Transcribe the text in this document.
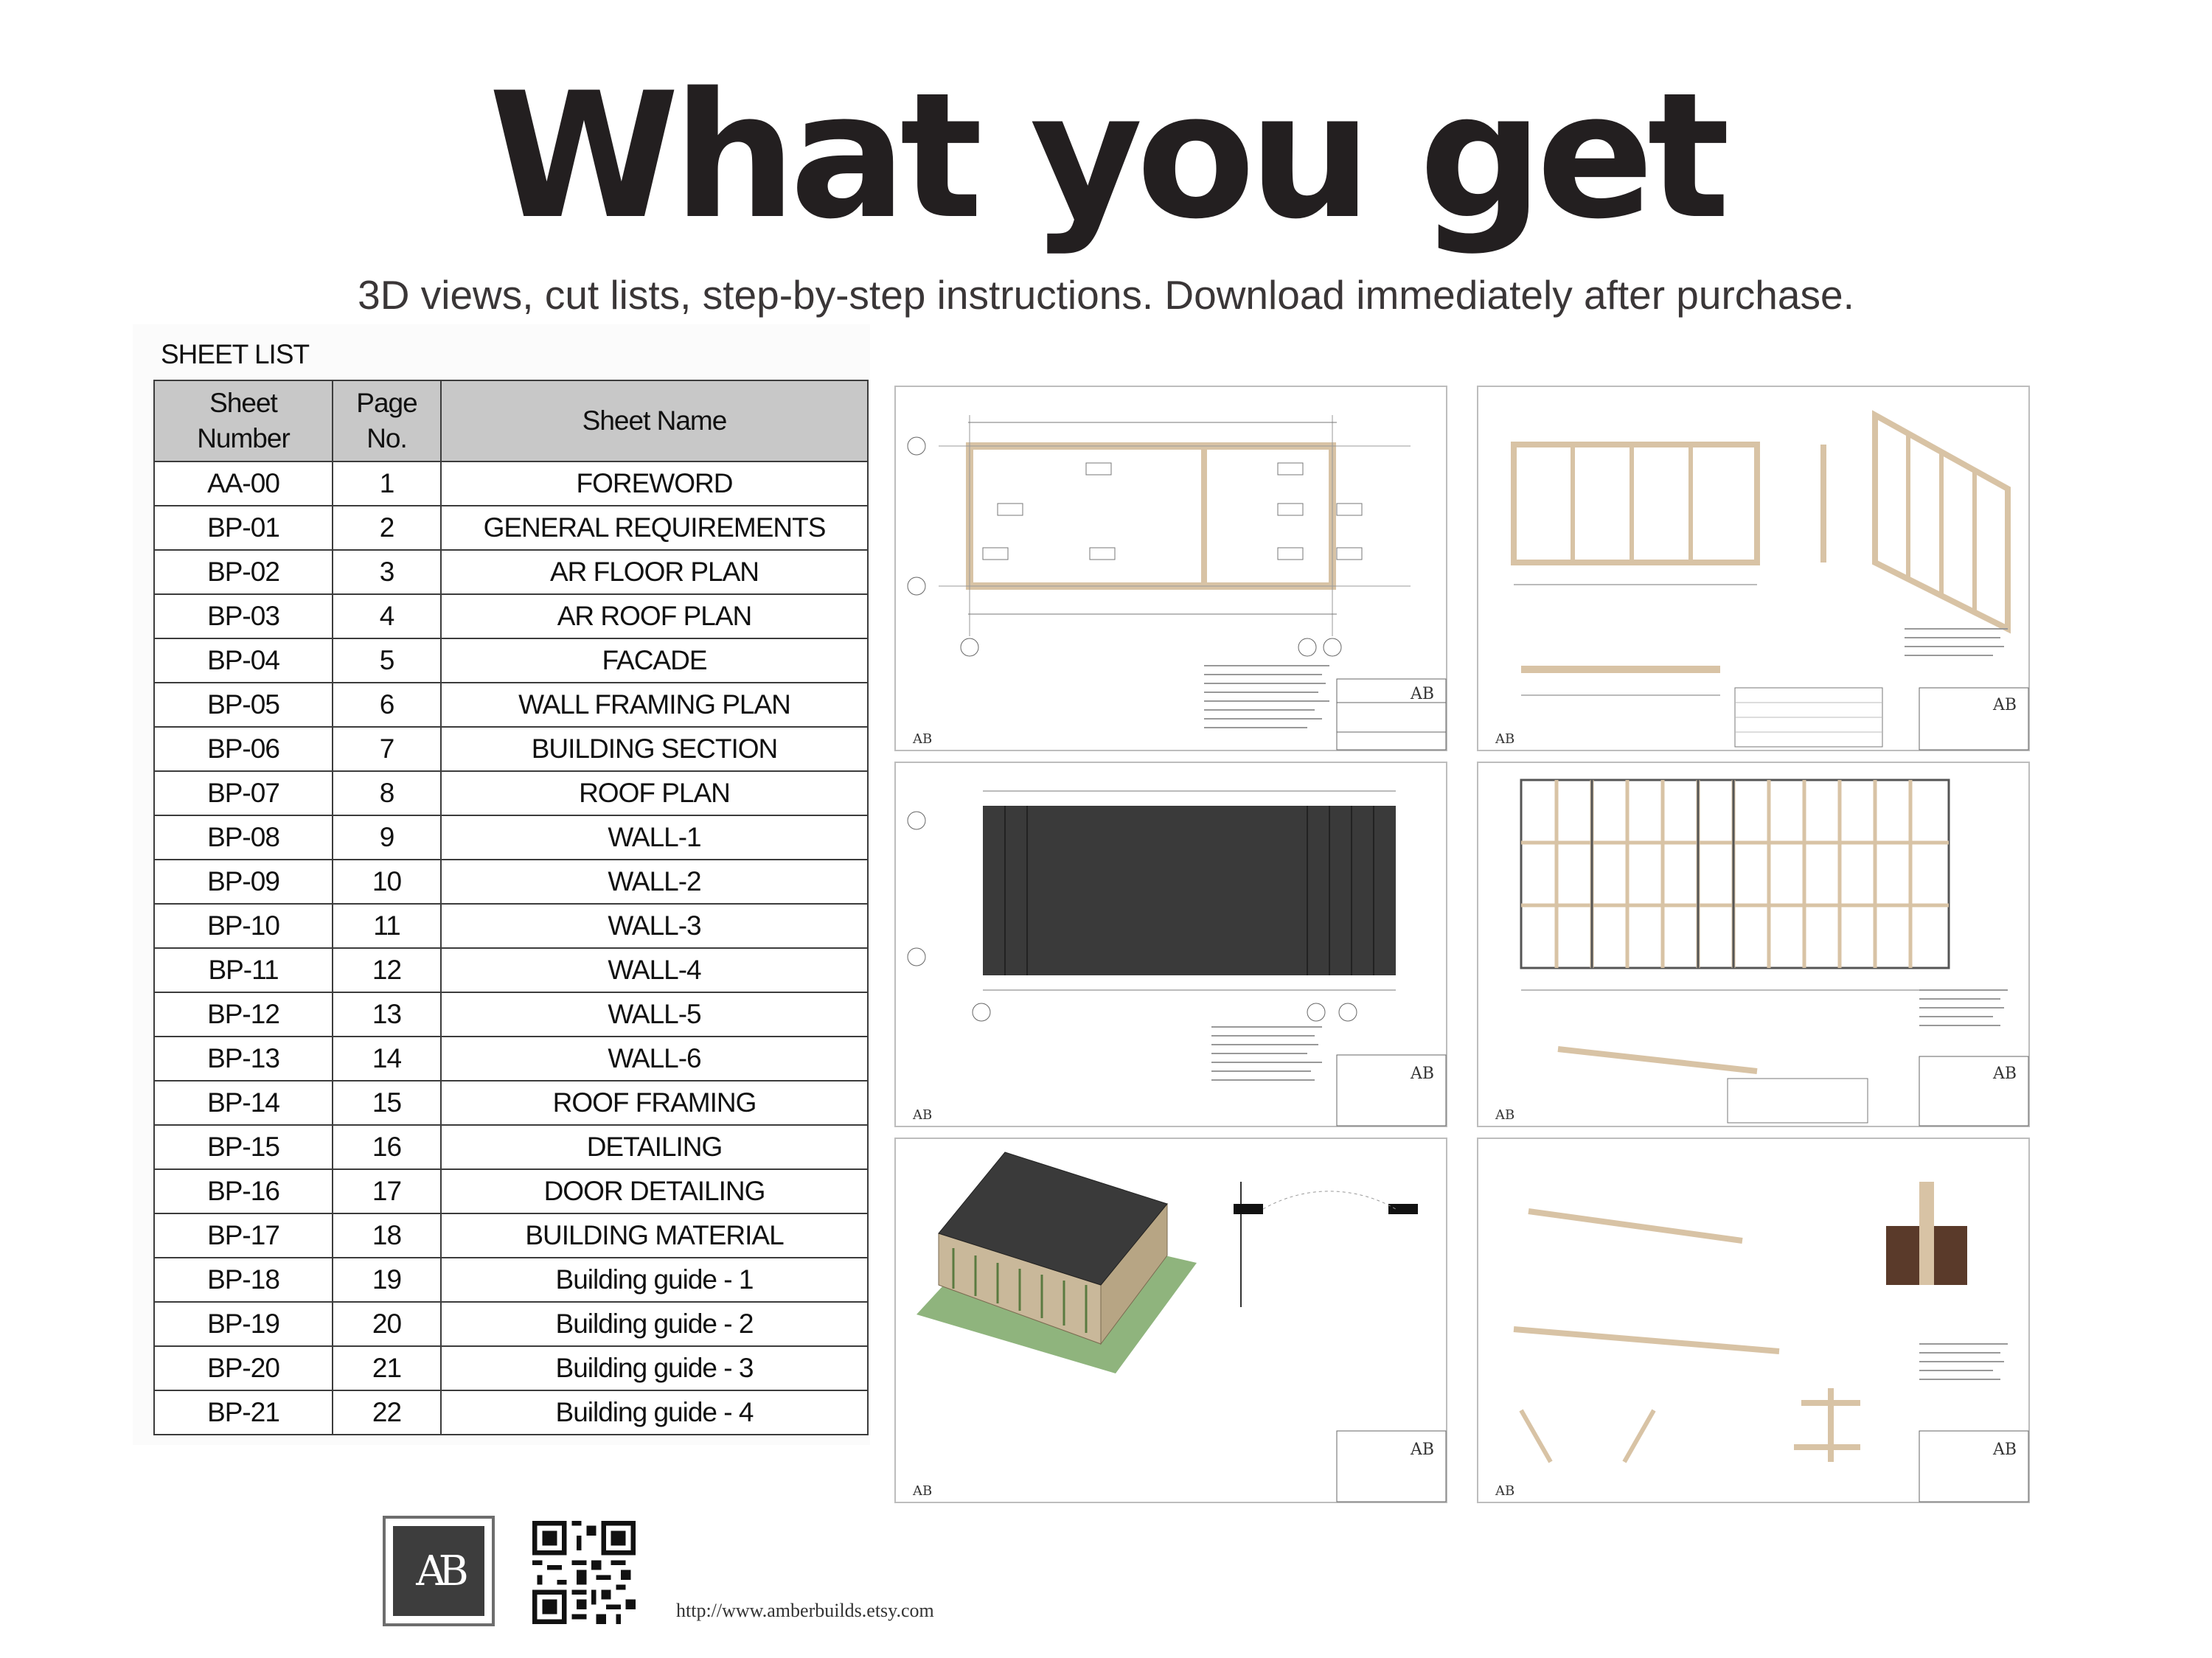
What you get
3D views, cut lists, step-by-step instructions. Download immediately after purchase.
SHEET LIST
Sheet Number	Page No.	Sheet Name
AA-00	1	FOREWORD
BP-01	2	GENERAL REQUIREMENTS
BP-02	3	AR FLOOR PLAN
BP-03	4	AR ROOF PLAN
BP-04	5	FACADE
BP-05	6	WALL FRAMING PLAN
BP-06	7	BUILDING SECTION
BP-07	8	ROOF PLAN
BP-08	9	WALL-1
BP-09	10	WALL-2
BP-10	11	WALL-3
BP-11	12	WALL-4
BP-12	13	WALL-5
BP-13	14	WALL-6
BP-14	15	ROOF FRAMING
BP-15	16	DETAILING
BP-16	17	DOOR DETAILING
BP-17	18	BUILDING MATERIAL
BP-18	19	Building guide - 1
BP-19	20	Building guide - 2
BP-20	21	Building guide - 3
BP-21	22	Building guide - 4
AB
AB
AB
AB
AB
AB
AB
AB
AB
AB
AB
AB
AB
http://www.amberbuilds.etsy.com
